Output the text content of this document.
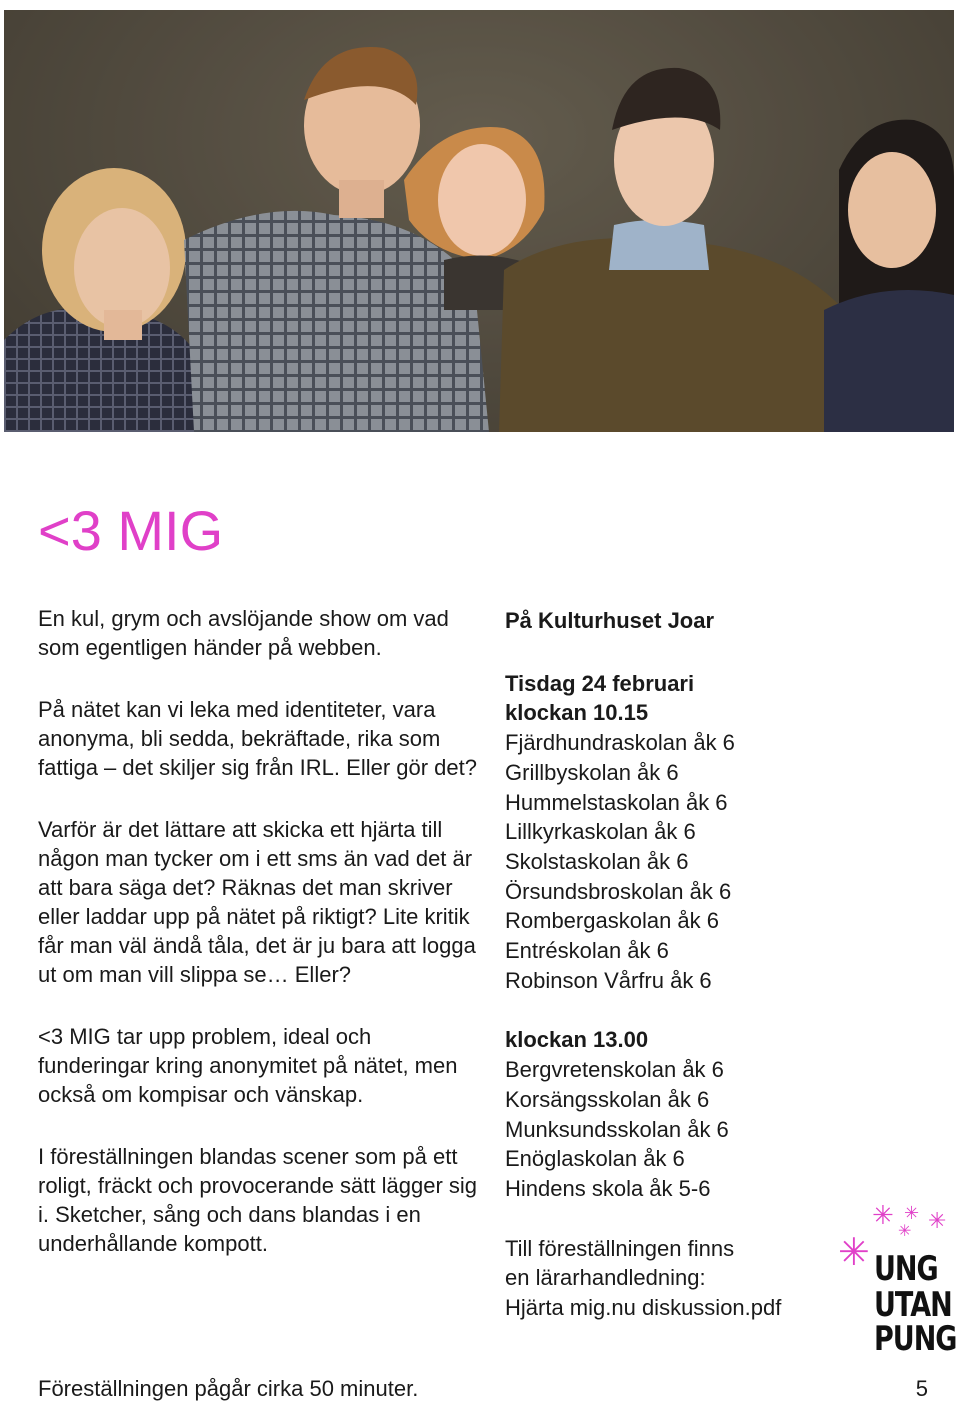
<3 MIG

En kul, grym och avslöjande show om vad som egentligen händer på webben.

På nätet kan vi leka med identiteter, vara anonyma, bli sedda, bekräftade, rika som fattiga – det skiljer sig från IRL. Eller gör det?

Varför är det lättare att skicka ett hjärta till någon man tycker om i ett sms än vad det är att bara säga det? Räknas det man skriver eller laddar upp på nätet på riktigt? Lite kritik får man väl ändå tåla, det är ju bara att logga ut om man vill slippa se… Eller?

<3 MIG tar upp problem, ideal och funderingar kring anonymitet på nätet, men också om kompisar och vänskap.

I föreställningen blandas scener som på ett roligt, fräckt och provocerande sätt lägger sig i. Sketcher, sång och dans blandas i en underhållande kompott.

På Kulturhuset Joar
Tisdag 24 februari
klockan 10.15
Fjärdhundraskolan åk 6
Grillbyskolan åk 6
Hummelstaskolan åk 6
Lillkyrkaskolan åk 6
Skolstaskolan åk 6
Örsundsbroskolan åk 6
Rombergaskolan åk 6
Entréskolan åk 6
Robinson Vårfru åk 6
klockan 13.00
Bergvretenskolan åk 6
Korsängsskolan åk 6
Munksundsskolan åk 6
Enöglaskolan åk 6
Hindens skola åk 5-6
Till föreställningen finns
en lärarhandledning:
Hjärta mig.nu diskussion.pdf
✳ ✳ ✳
✳
✳ UNG
UTAN
PUNG
Föreställningen pågår cirka 50 minuter.	5
